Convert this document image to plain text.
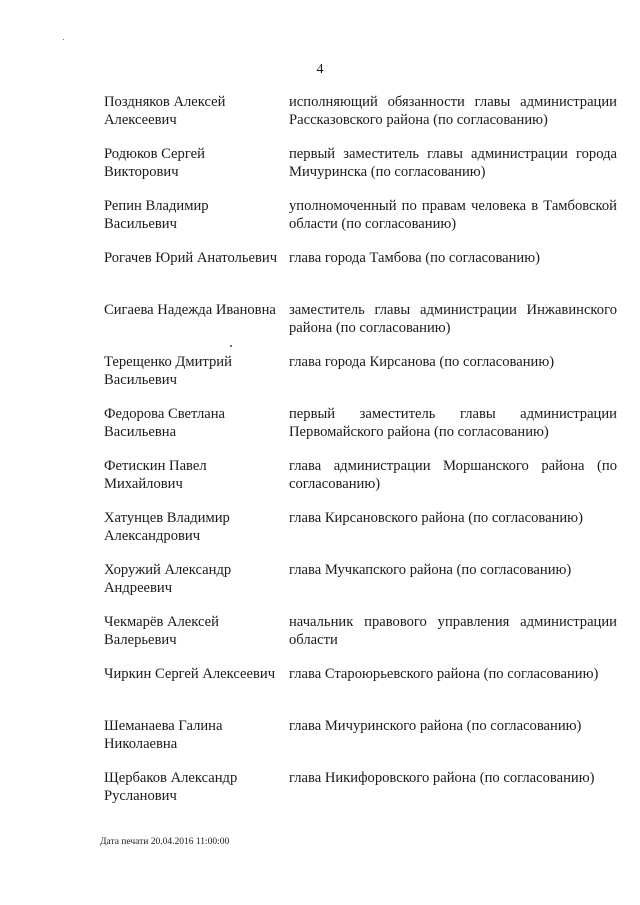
4
Поздняков Алексей Алексеевич
исполняющий обязанности главы администрации Рассказовского района (по согласованию)
Родюков Сергей Викторович
первый заместитель главы администрации города Мичуринска (по согласованию)
Репин Владимир Васильевич
уполномоченный по правам человека в Тамбовской области (по согласованию)
Рогачев Юрий Анатольевич глава города Тамбова (по согласованию)
Сигаева Надежда Ивановна заместитель главы администрации Инжавинского района (по согласованию)
Терещенко Дмитрий Васильевич
глава города Кирсанова (по согласованию)
Федорова Светлана Васильевна
первый заместитель главы администрации Первомайского района (по согласованию)
Фетискин Павел Михайлович
глава администрации Моршанского района (по согласованию)
Хатунцев Владимир Александрович
глава Кирсановского района (по согласованию)
Хоружий Александр Андреевич
глава Мучкапского района (по согласованию)
Чекмарёв Алексей Валерьевич
начальник правового управления администрации области
Чиркин Сергей Алексеевич глава Староюрьевского района (по согласованию)
Шеманаева Галина Николаевна
глава Мичуринского района (по согласованию)
Щербаков Александр Русланович
глава Никифоровского района (по согласованию)
Дата печати 20.04.2016 11:00:00
